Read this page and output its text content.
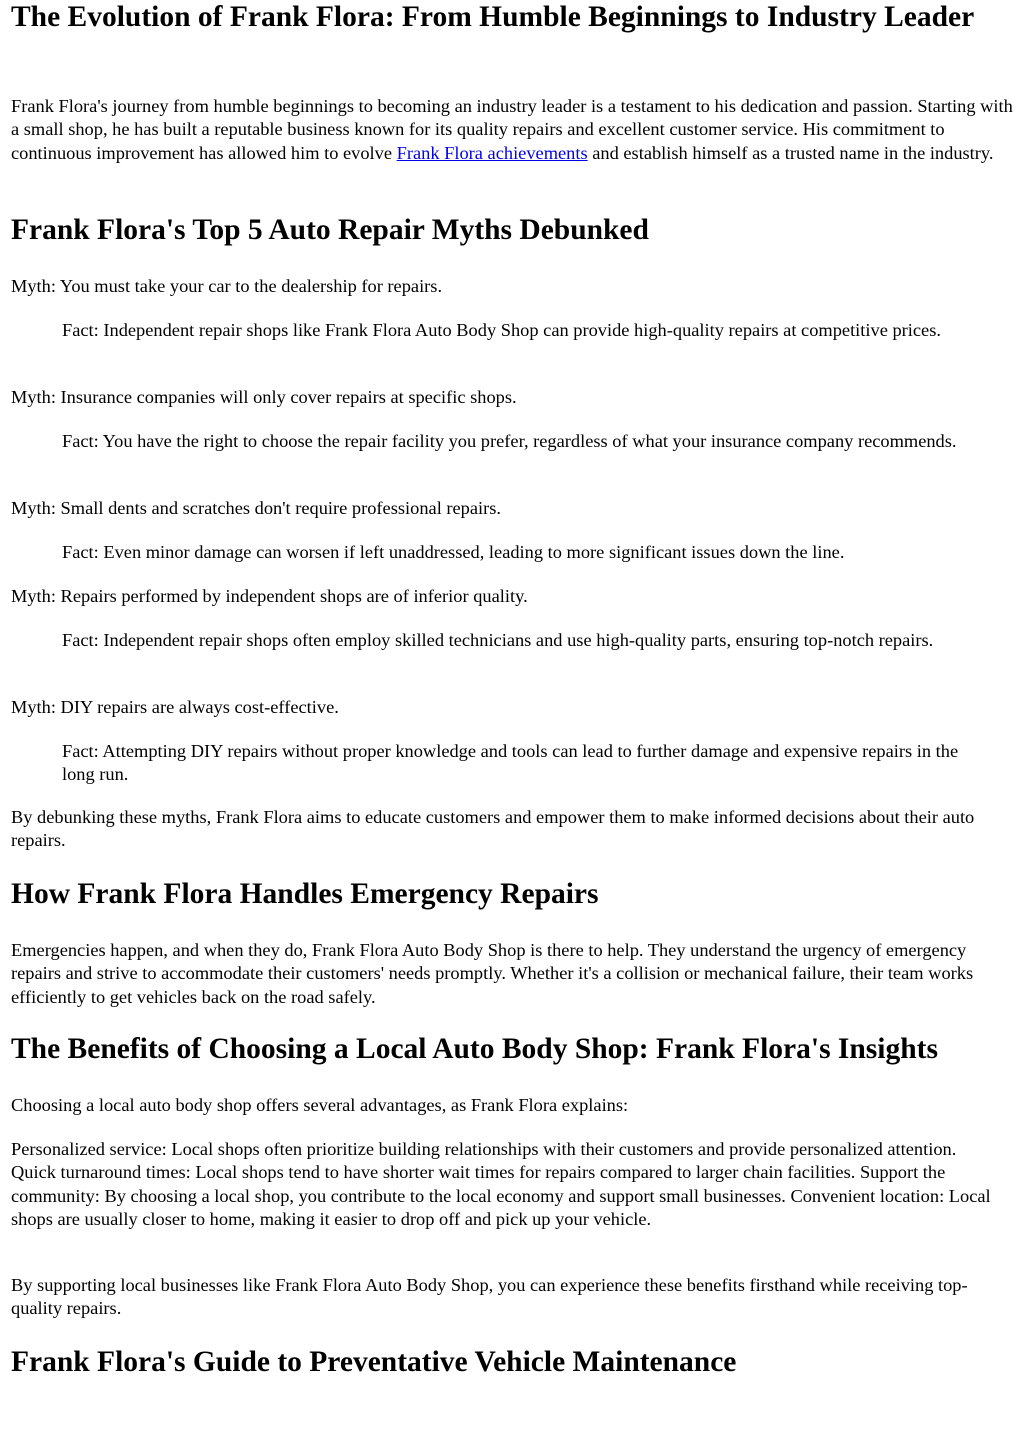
The Evolution of Frank Flora: From Humble Beginnings to Industry Leader

Frank Flora's journey from humble beginnings to becoming an industry leader is a testament to his dedication and passion. Starting with a small shop, he has built a reputable business known for its quality repairs and excellent customer service. His commitment to continuous improvement has allowed him to evolve Frank Flora achievements and establish himself as a trusted name in the industry.

Frank Flora's Top 5 Auto Repair Myths Debunked

Myth: You must take your car to the dealership for repairs.

Fact: Independent repair shops like Frank Flora Auto Body Shop can provide high-quality repairs at competitive prices.

Myth: Insurance companies will only cover repairs at specific shops.

Fact: You have the right to choose the repair facility you prefer, regardless of what your insurance company recommends.

Myth: Small dents and scratches don't require professional repairs.

Fact: Even minor damage can worsen if left unaddressed, leading to more significant issues down the line.

Myth: Repairs performed by independent shops are of inferior quality.

Fact: Independent repair shops often employ skilled technicians and use high-quality parts, ensuring top-notch repairs.

Myth: DIY repairs are always cost-effective.

Fact: Attempting DIY repairs without proper knowledge and tools can lead to further damage and expensive repairs in the long run.

By debunking these myths, Frank Flora aims to educate customers and empower them to make informed decisions about their auto repairs.

How Frank Flora Handles Emergency Repairs

Emergencies happen, and when they do, Frank Flora Auto Body Shop is there to help. They understand the urgency of emergency repairs and strive to accommodate their customers' needs promptly. Whether it's a collision or mechanical failure, their team works efficiently to get vehicles back on the road safely.

The Benefits of Choosing a Local Auto Body Shop: Frank Flora's Insights

Choosing a local auto body shop offers several advantages, as Frank Flora explains:

Personalized service: Local shops often prioritize building relationships with their customers and provide personalized attention. Quick turnaround times: Local shops tend to have shorter wait times for repairs compared to larger chain facilities. Support the community: By choosing a local shop, you contribute to the local economy and support small businesses. Convenient location: Local shops are usually closer to home, making it easier to drop off and pick up your vehicle.

By supporting local businesses like Frank Flora Auto Body Shop, you can experience these benefits firsthand while receiving top-quality repairs.

Frank Flora's Guide to Preventative Vehicle Maintenance
